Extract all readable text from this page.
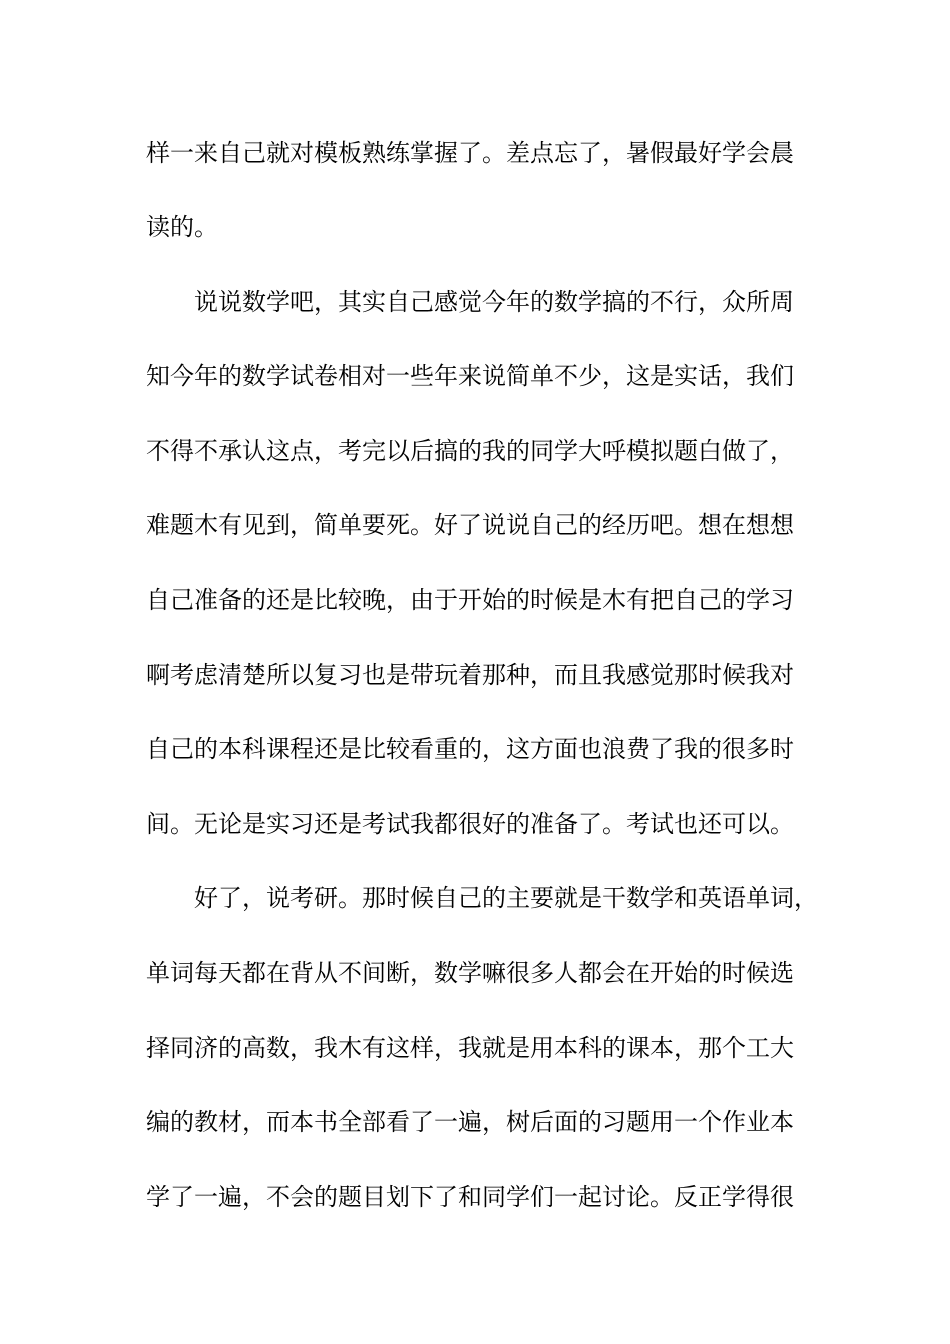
样一来自己就对模板熟练掌握了。差点忘了，暑假最好学会晨
读的。
说说数学吧，其实自己感觉今年的数学搞的不行，众所周
知今年的数学试卷相对一些年来说简单不少，这是实话，我们
不得不承认这点，考完以后搞的我的同学大呼模拟题白做了，
难题木有见到，简单要死。好了说说自己的经历吧。想在想想
自己准备的还是比较晚，由于开始的时候是木有把自己的学习
啊考虑清楚所以复习也是带玩着那种，而且我感觉那时候我对
自己的本科课程还是比较看重的，这方面也浪费了我的很多时
间。无论是实习还是考试我都很好的准备了。考试也还可以。
好了，说考研。那时候自己的主要就是干数学和英语单词，
单词每天都在背从不间断，数学嘛很多人都会在开始的时候选
择同济的高数，我木有这样，我就是用本科的课本，那个工大
编的教材，而本书全部看了一遍，树后面的习题用一个作业本
学了一遍，不会的题目划下了和同学们一起讨论。反正学得很
